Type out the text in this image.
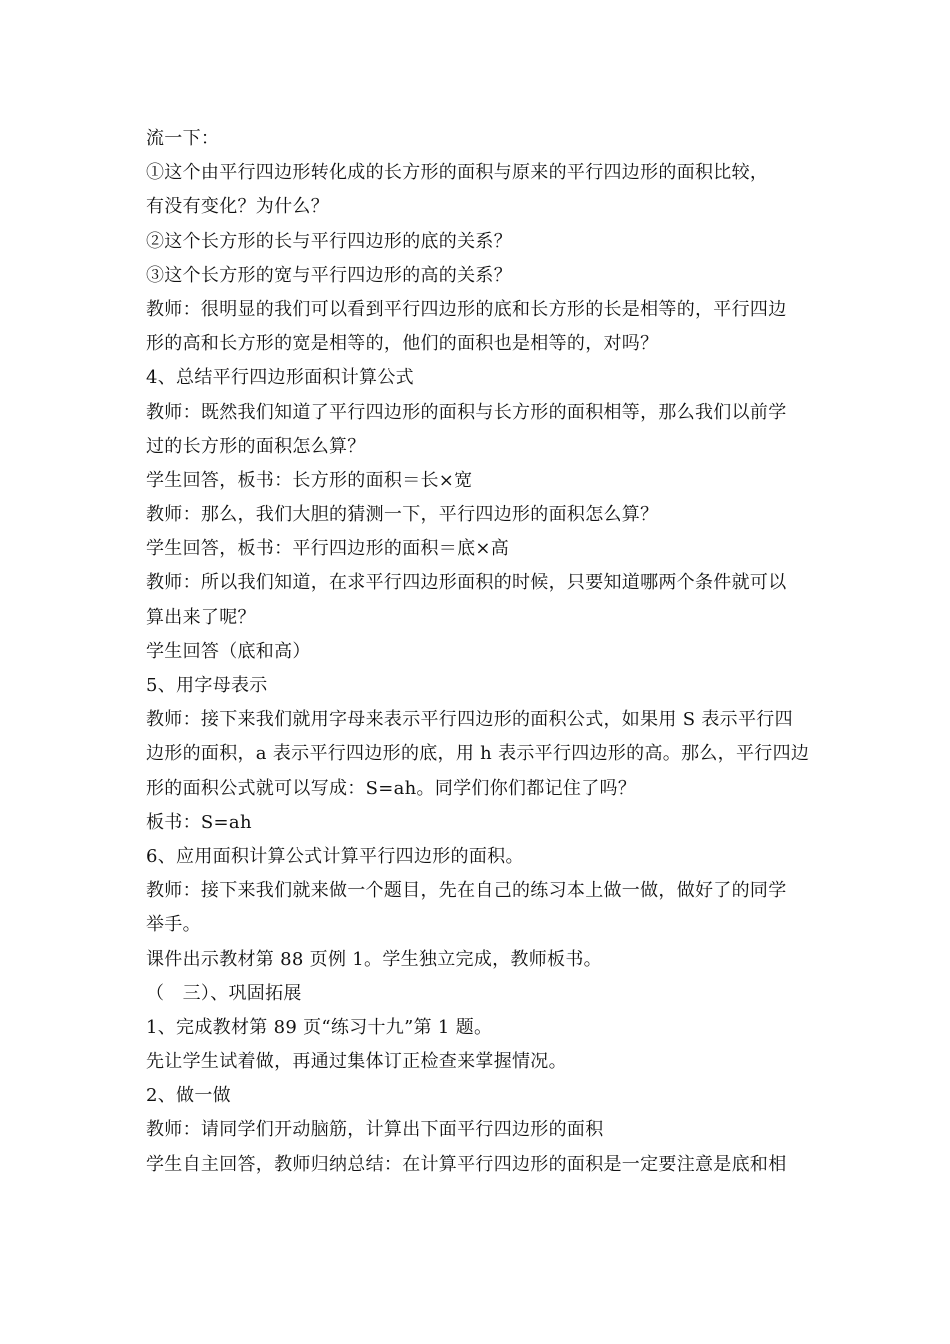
流一下：
①这个由平行四边形转化成的长方形的面积与原来的平行四边形的面积比较，
有没有变化？为什么？
②这个长方形的长与平行四边形的底的关系？
③这个长方形的宽与平行四边形的高的关系？
教师：很明显的我们可以看到平行四边形的底和长方形的长是相等的，平行四边
形的高和长方形的宽是相等的，他们的面积也是相等的，对吗？
4、总结平行四边形面积计算公式
教师：既然我们知道了平行四边形的面积与长方形的面积相等，那么我们以前学
过的长方形的面积怎么算？
学生回答，板书：长方形的面积＝长×宽
教师：那么，我们大胆的猜测一下，平行四边形的面积怎么算？
学生回答，板书：平行四边形的面积＝底×高
教师：所以我们知道，在求平行四边形面积的时候，只要知道哪两个条件就可以
算出来了呢？
学生回答（底和高）
5、用字母表示
教师：接下来我们就用字母来表示平行四边形的面积公式，如果用 S 表示平行四
边形的面积，a 表示平行四边形的底，用 h 表示平行四边形的高。那么，平行四边
形的面积公式就可以写成：S=ah。同学们你们都记住了吗？
板书：S=ah
6、应用面积计算公式计算平行四边形的面积。
教师：接下来我们就来做一个题目，先在自己的练习本上做一做，做好了的同学
举手。
课件出示教材第 88 页例 1。学生独立完成，教师板书。
（　三）、巩固拓展
1、完成教材第 89 页“练习十九”第 1 题。
先让学生试着做，再通过集体订正检查来掌握情况。
2、做一做
教师：请同学们开动脑筋，计算出下面平行四边形的面积
学生自主回答，教师归纳总结：在计算平行四边形的面积是一定要注意是底和相
